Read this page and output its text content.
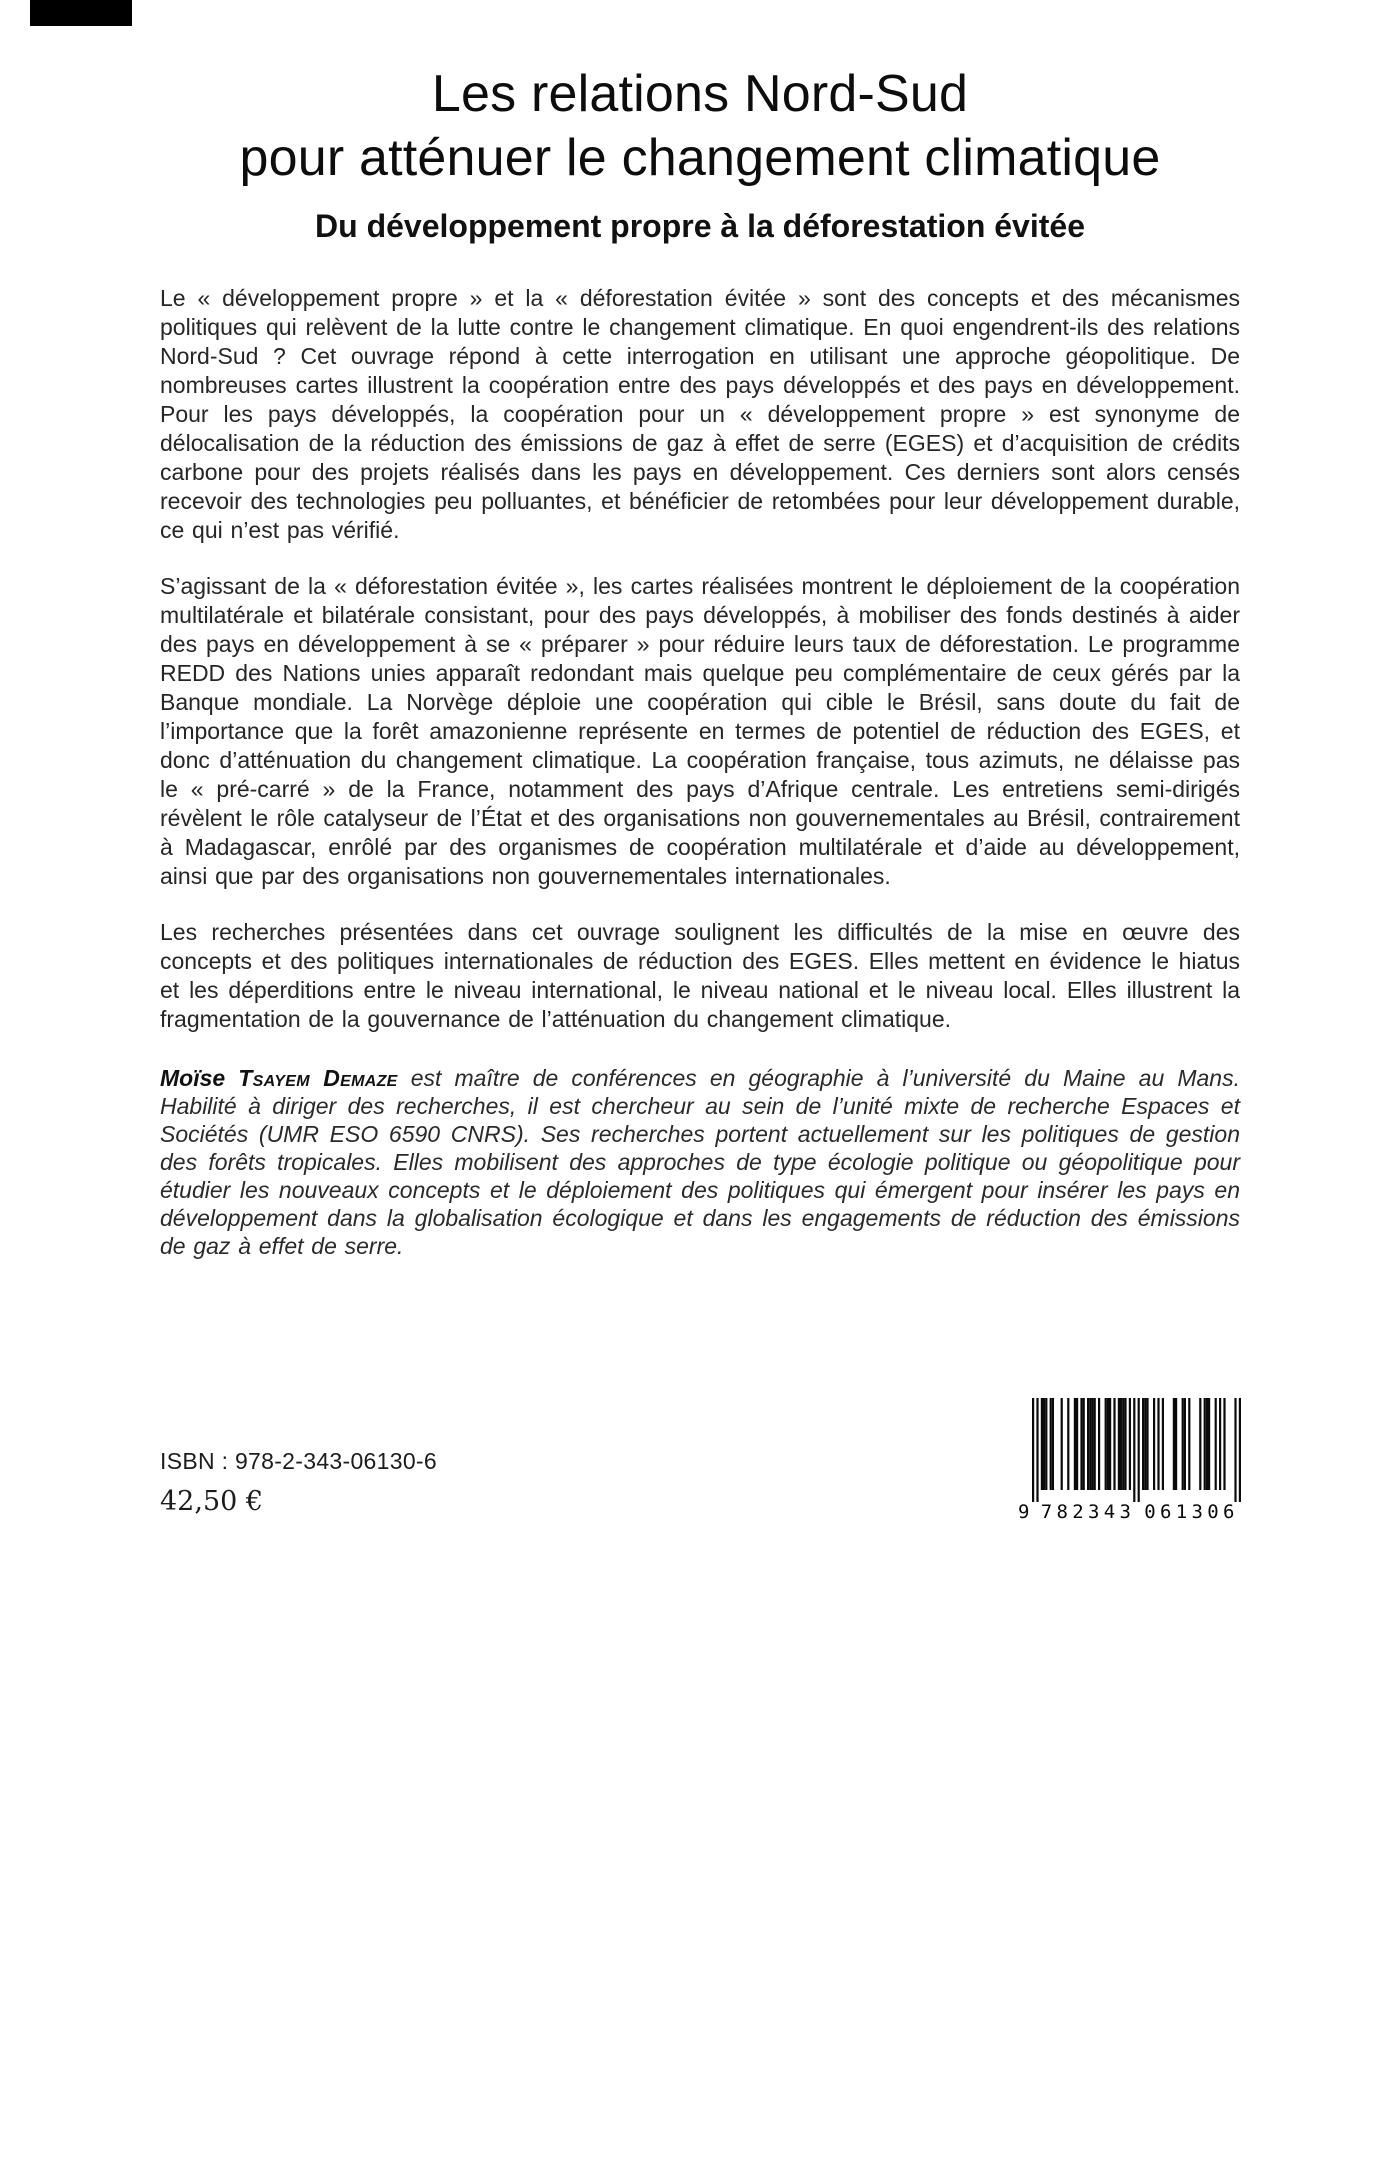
Les relations Nord-Sud
pour atténuer le changement climatique
Du développement propre à la déforestation évitée

Le « développement propre » et la « déforestation évitée » sont des concepts et des mécanismes politiques qui relèvent de la lutte contre le changement climatique. En quoi engendrent-ils des relations Nord-Sud ? Cet ouvrage répond à cette interrogation en utilisant une approche géopolitique. De nombreuses cartes illustrent la coopération entre des pays développés et des pays en développement. Pour les pays développés, la coopération pour un « développement propre » est synonyme de délocalisation de la réduction des émissions de gaz à effet de serre (EGES) et d’acquisition de crédits carbone pour des projets réalisés dans les pays en développement. Ces derniers sont alors censés recevoir des technologies peu polluantes, et bénéficier de retombées pour leur développement durable, ce qui n’est pas vérifié.

S’agissant de la « déforestation évitée », les cartes réalisées montrent le déploiement de la coopération multilatérale et bilatérale consistant, pour des pays développés, à mobiliser des fonds destinés à aider des pays en développement à se « préparer » pour réduire leurs taux de déforestation. Le programme REDD des Nations unies apparaît redondant mais quelque peu complémentaire de ceux gérés par la Banque mondiale. La Norvège déploie une coopération qui cible le Brésil, sans doute du fait de l’importance que la forêt amazonienne représente en termes de potentiel de réduction des EGES, et donc d’atténuation du changement climatique. La coopération française, tous azimuts, ne délaisse pas le « pré-carré » de la France, notamment des pays d’Afrique centrale. Les entretiens semi-dirigés révèlent le rôle catalyseur de l’État et des organisations non gouvernementales au Brésil, contrairement à Madagascar, enrôlé par des organismes de coopération multilatérale et d’aide au développement, ainsi que par des organisations non gouvernementales internationales.

Les recherches présentées dans cet ouvrage soulignent les difficultés de la mise en œuvre des concepts et des politiques internationales de réduction des EGES. Elles mettent en évidence le hiatus et les déperditions entre le niveau international, le niveau national et le niveau local. Elles illustrent la fragmentation de la gouvernance de l’atténuation du changement climatique.

Moïse Tsayem Demaze est maître de conférences en géographie à l’université du Maine au Mans. Habilité à diriger des recherches, il est chercheur au sein de l’unité mixte de recherche Espaces et Sociétés (UMR ESO 6590 CNRS). Ses recherches portent actuellement sur les politiques de gestion des forêts tropicales. Elles mobilisent des approches de type écologie politique ou géopolitique pour étudier les nouveaux concepts et le déploiement des politiques qui émergent pour insérer les pays en développement dans la globalisation écologique et dans les engagements de réduction des émissions de gaz à effet de serre.

ISBN : 978-2-343-06130-6
42,50 €	9 782343 061306
